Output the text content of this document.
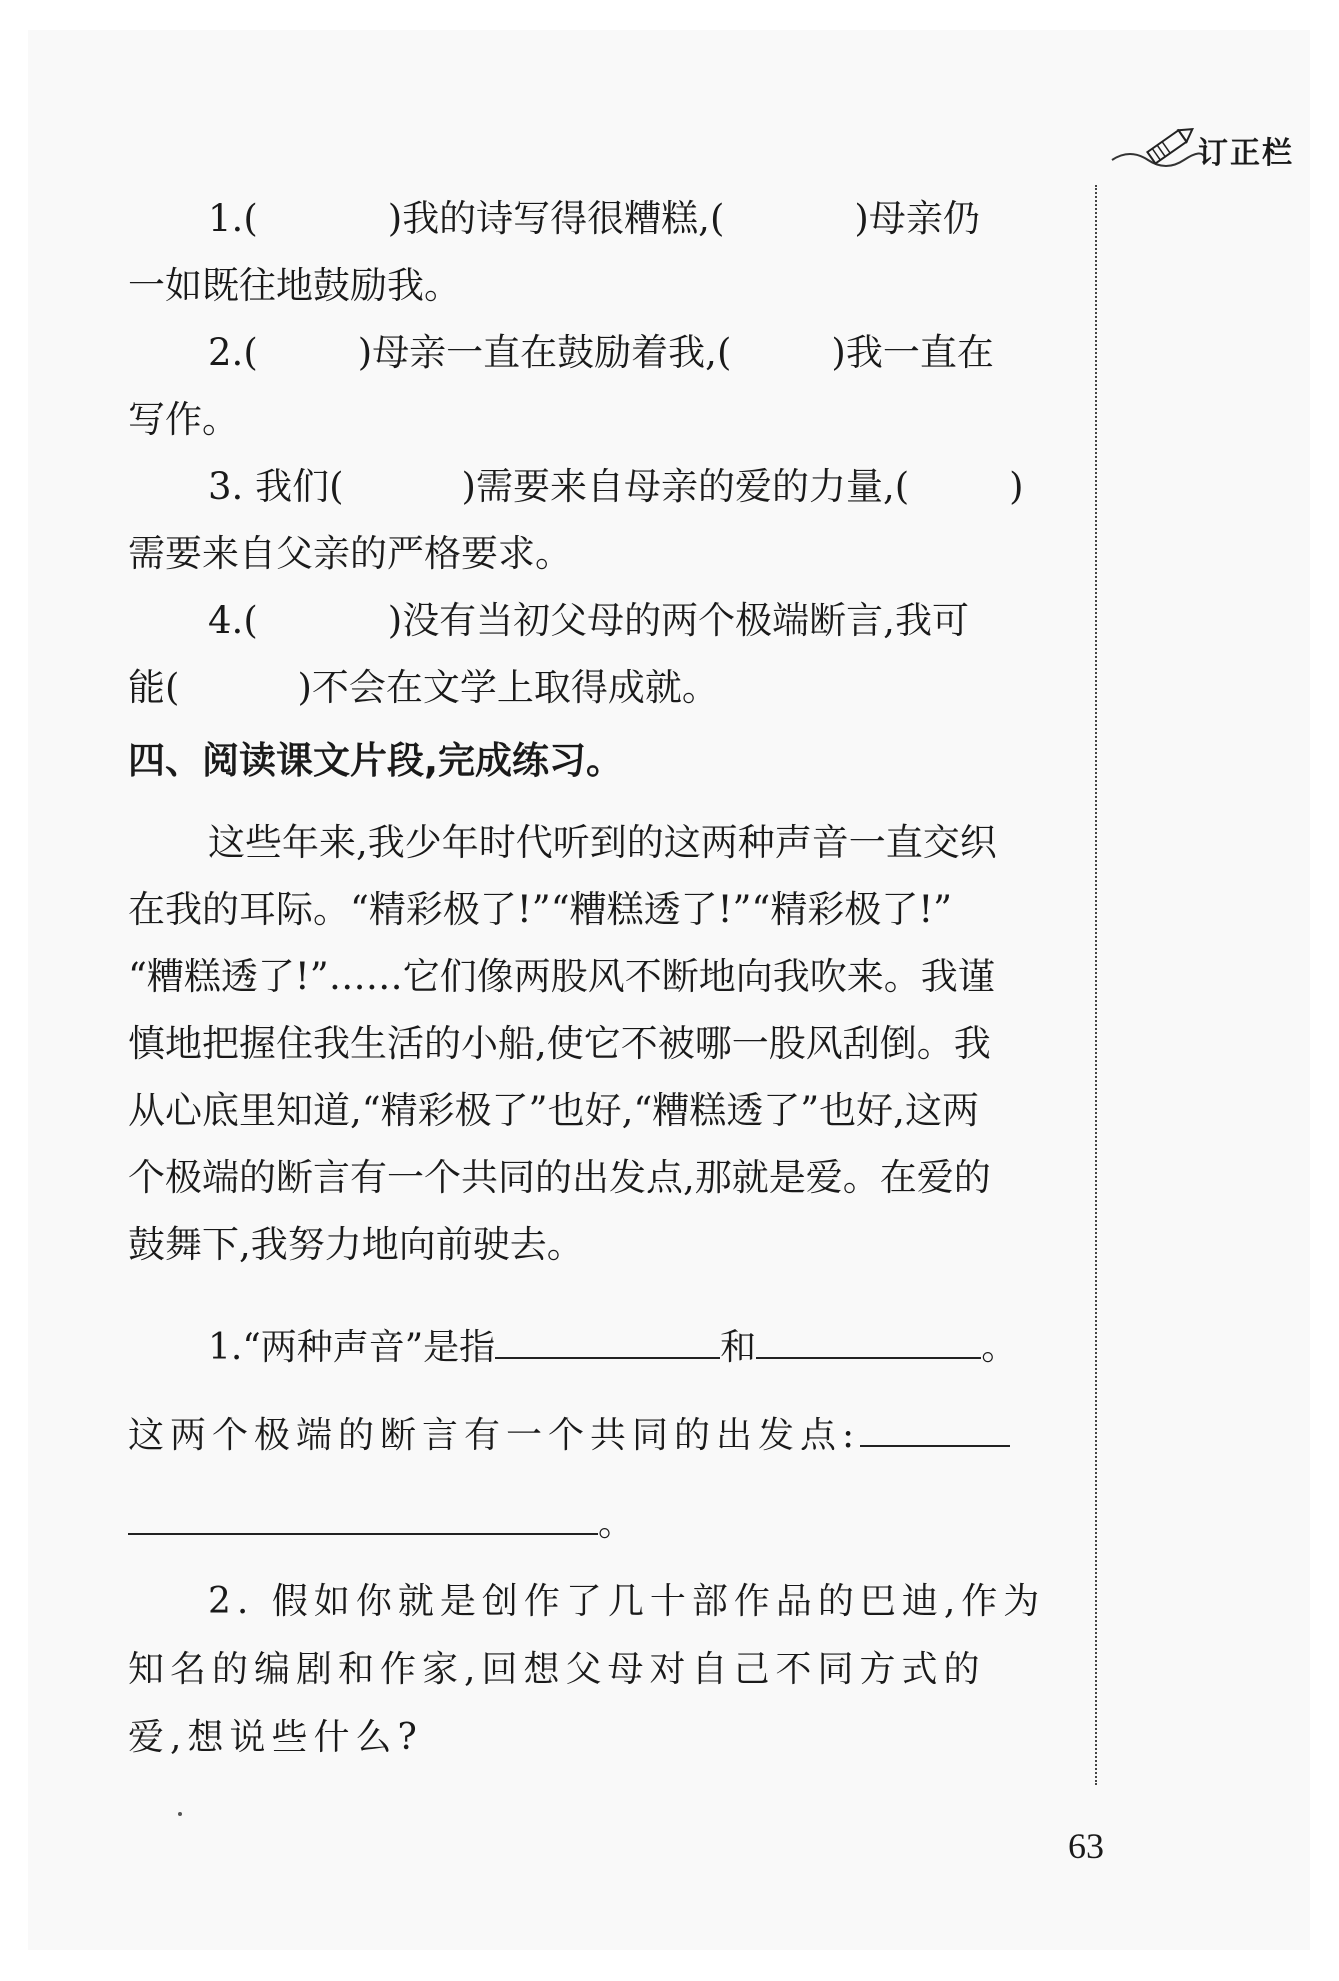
订正栏
1.(	)我的诗写得很糟糕,(	)母亲仍
一如既往地鼓励我。
2.(	)母亲一直在鼓励着我,(	)我一直在
写作。
3. 我们(	)需要来自母亲的爱的力量,(	)
需要来自父亲的严格要求。
4.(	)没有当初父母的两个极端断言,我可
能(	)不会在文学上取得成就。
四、阅读课文片段,完成练习。
这些年来,我少年时代听到的这两种声音一直交织
在我的耳际。“精彩极了!”“糟糕透了!”“精彩极了!”
“糟糕透了!”……它们像两股风不断地向我吹来。我谨
慎地把握住我生活的小船,使它不被哪一股风刮倒。我
从心底里知道,“精彩极了”也好,“糟糕透了”也好,这两
个极端的断言有一个共同的出发点,那就是爱。在爱的
鼓舞下,我努力地向前驶去。
1.“两种声音”是指	和	。
这两个极端的断言有一个共同的出发点:
。
2. 假如你就是创作了几十部作品的巴迪,作为
知名的编剧和作家,回想父母对自己不同方式的
爱,想说些什么?
63
